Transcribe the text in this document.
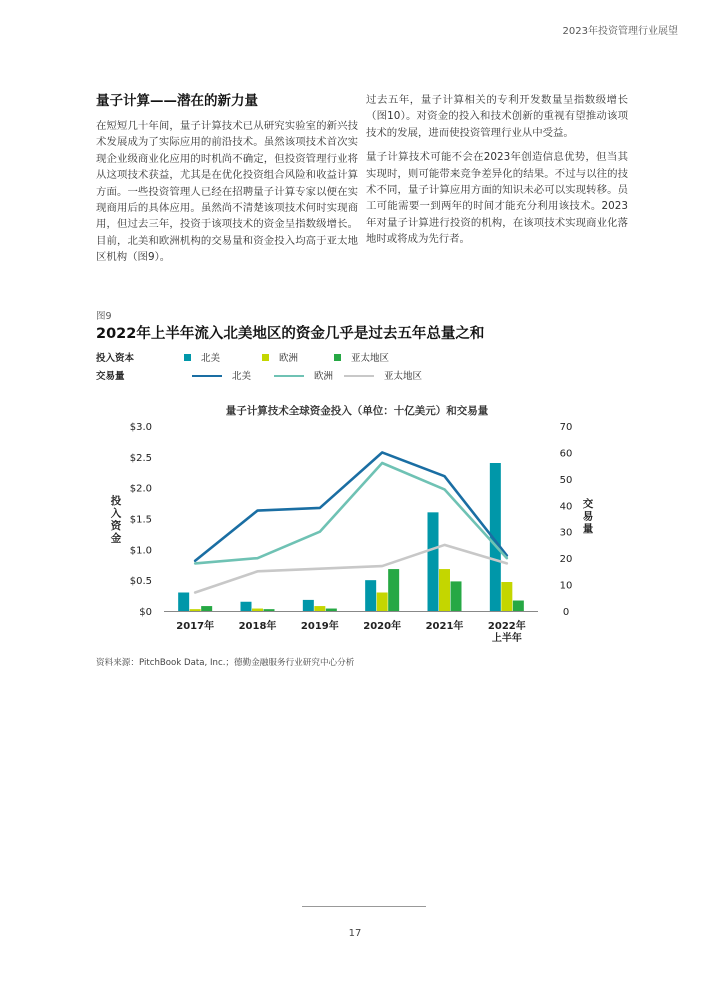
2023年投资管理行业展望
量子计算——潜在的新力量

在短短几十年间，量子计算技术已从研究实验室的新兴技术发展成为了实际应用的前沿技术。虽然该项技术首次实现企业级商业化应用的时机尚不确定，但投资管理行业将从这项技术获益，尤其是在优化投资组合风险和收益计算方面。一些投资管理人已经在招聘量子计算专家以便在实现商用后的具体应用。虽然尚不清楚该项技术何时实现商用，但过去三年，投资于该项技术的资金呈指数级增长。目前，北美和欧洲机构的交易量和资金投入均高于亚太地区机构（图9）。

过去五年，量子计算相关的专利开发数量呈指数级增长（图10）。对资金的投入和技术创新的重视有望推动该项技术的发展，进而使投资管理行业从中受益。

量子计算技术可能不会在2023年创造信息优势，但当其实现时，则可能带来竞争差异化的结果。不过与以往的技术不同，量子计算应用方面的知识未必可以实现转移。员工可能需要一到两年的时间才能充分利用该技术。2023年对量子计算进行投资的机构，在该项技术实现商业化落地时或将成为先行者。

图9
2022年上半年流入北美地区的资金几乎是过去五年总量之和
投入资本	北美	欧洲	亚太地区
交易量	北美	欧洲	亚太地区
量子计算技术全球资金投入（单位：十亿美元）和交易量
$3.0
$2.5
$2.0
$1.5
$1.0
$0.5
$0
70
60
50
40
30
20
10
0
投入资金
交易量
2017年 2018年 2019年 2020年 2021年 2022年上半年
资料来源：PitchBook Data, Inc.；德勤金融服务行业研究中心分析
17
